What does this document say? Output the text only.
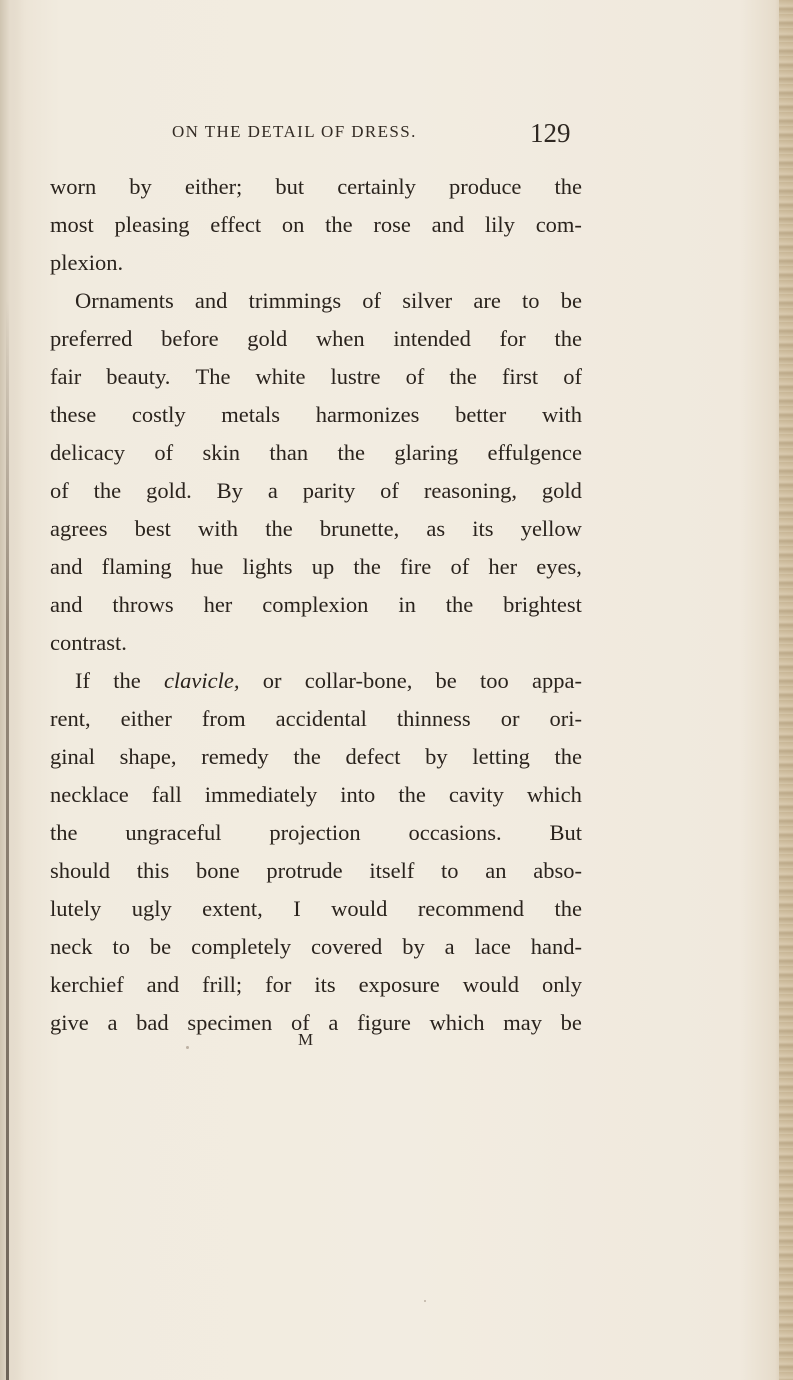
ON THE DETAIL OF DRESS.	129
worn by either; but certainly produce the
most pleasing effect on the rose and lily com-
plexion.
Ornaments and trimmings of silver are to be
preferred before gold when intended for the
fair beauty. The white lustre of the first of
these costly metals harmonizes better with
delicacy of skin than the glaring effulgence
of the gold. By a parity of reasoning, gold
agrees best with the brunette, as its yellow
and flaming hue lights up the fire of her eyes,
and throws her complexion in the brightest
contrast.
If the clavicle, or collar-bone, be too appa-
rent, either from accidental thinness or ori-
ginal shape, remedy the defect by letting the
necklace fall immediately into the cavity which
the ungraceful projection occasions. But
should this bone protrude itself to an abso-
lutely ugly extent, I would recommend the
neck to be completely covered by a lace hand-
kerchief and frill; for its exposure would only
give a bad specimen of a figure which may be
M
